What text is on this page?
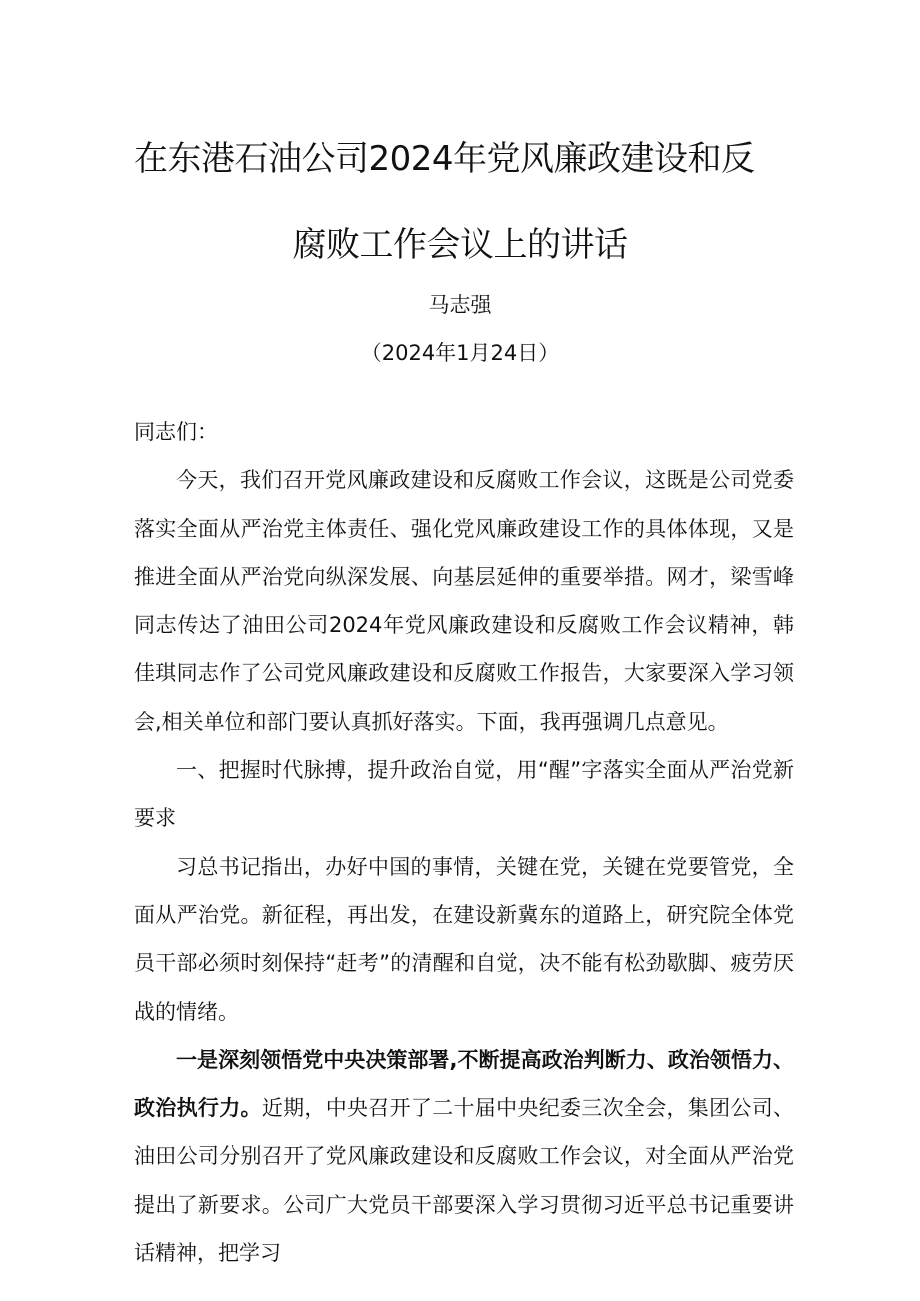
在东港石油公司2024年党风廉政建设和反
腐败工作会议上的讲话
马志强
（2024年1月24日）

同志们：

今天，我们召开党风廉政建设和反腐败工作会议，这既是公司党委落实全面从严治党主体责任、强化党风廉政建设工作的具体体现，又是推进全面从严治党向纵深发展、向基层延伸的重要举措。网才，梁雪峰同志传达了油田公司2024年党风廉政建设和反腐败工作会议精神，韩佳琪同志作了公司党风廉政建设和反腐败工作报告，大家要深入学习领会,相关单位和部门要认真抓好落实。下面，我再强调几点意见。

一、把握时代脉搏，提升政治自觉，用“醒”字落实全面从严治党新要求

习总书记指出，办好中国的事情，关键在党，关键在党要管党，全面从严治党。新征程，再出发，在建设新冀东的道路上，研究院全体党员干部必须时刻保持“赶考”的清醒和自觉，决不能有松劲歇脚、疲劳厌战的情绪。

一是深刻领悟党中央决策部署,不断提高政治判断力、政治领悟力、政治执行力。近期，中央召开了二十届中央纪委三次全会，集团公司、油田公司分别召开了党风廉政建设和反腐败工作会议，对全面从严治党提出了新要求。公司广大党员干部要深入学习贯彻习近平总书记重要讲话精神，把学习
